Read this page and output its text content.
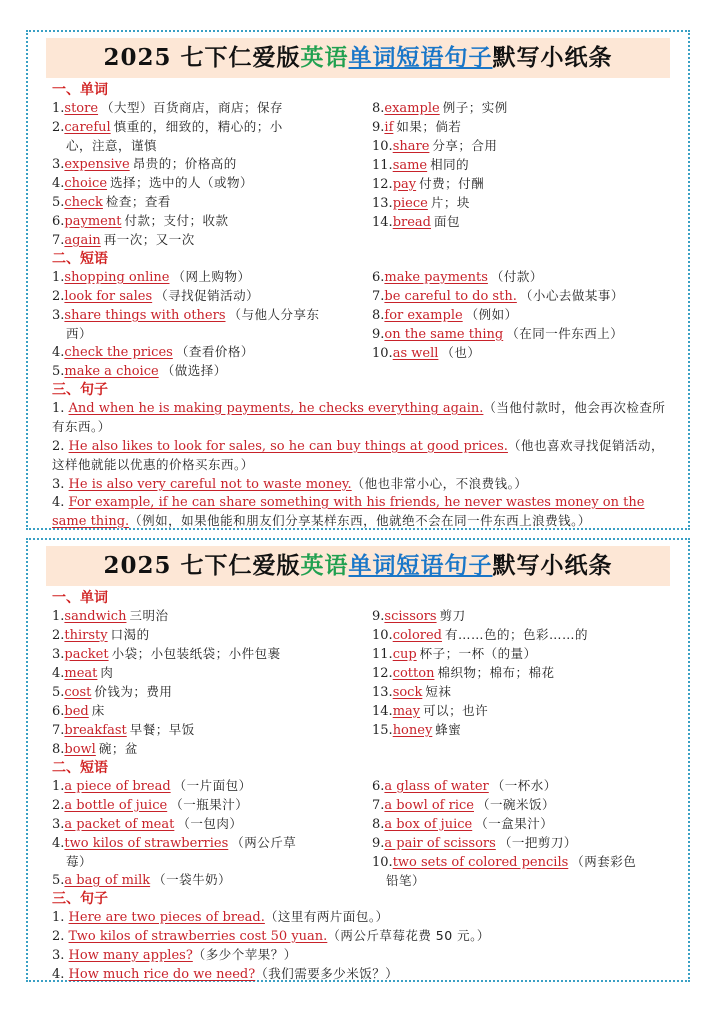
2025 七下仁爱版英语单词短语句子默写小纸条
一、单词
1.store （大型）百货商店，商店；保存
2.careful 慎重的，细致的，精心的；小
心，注意，谨慎
3.expensive 昂贵的；价格高的
4.choice 选择；选中的人（或物）
5.check 检查；查看
6.payment 付款；支付；收款
7.again 再一次；又一次
8.example 例子；实例
9.if 如果；倘若
10.share 分享；合用
11.same 相同的
12.pay 付费；付酬
13.piece 片；块
14.bread 面包
二、短语
1.shopping online （网上购物）
2.look for sales （寻找促销活动）
3.share things with others （与他人分享东
西）
4.check the prices （查看价格）
5.make a choice （做选择）
6.make payments （付款）
7.be careful to do sth. （小心去做某事）
8.for example （例如）
9.on the same thing （在同一件东西上）
10.as well （也）
三、句子
1. And when he is making payments, he checks everything again.（当他付款时，他会再次检查所有东西。）
2. He also likes to look for sales, so he can buy things at good prices.（他也喜欢寻找促销活动，这样他就能以优惠的价格买东西。）
3. He is also very careful not to waste money.（他也非常小心，不浪费钱。）
4. For example, if he can share something with his friends, he never wastes money on the same thing.（例如，如果他能和朋友们分享某样东西，他就绝不会在同一件东西上浪费钱。）
2025 七下仁爱版英语单词短语句子默写小纸条
一、单词
1.sandwich 三明治
2.thirsty 口渴的
3.packet 小袋；小包装纸袋；小件包裹
4.meat 肉
5.cost 价钱为；费用
6.bed 床
7.breakfast 早餐；早饭
8.bowl 碗；盆
9.scissors 剪刀
10.colored 有……色的；色彩……的
11.cup 杯子；一杯（的量）
12.cotton 棉织物；棉布；棉花
13.sock 短袜
14.may 可以；也许
15.honey 蜂蜜
二、短语
1.a piece of bread （一片面包）
2.a bottle of juice （一瓶果汁）
3.a packet of meat （一包肉）
4.two kilos of strawberries （两公斤草
莓）
5.a bag of milk （一袋牛奶）
6.a glass of water （一杯水）
7.a bowl of rice （一碗米饭）
8.a box of juice （一盒果汁）
9.a pair of scissors （一把剪刀）
10.two sets of colored pencils （两套彩色
铅笔）
三、句子
1. Here are two pieces of bread.（这里有两片面包。）
2. Two kilos of strawberries cost 50 yuan.（两公斤草莓花费 50 元。）
3. How many apples?（多少个苹果？）
4. How much rice do we need?（我们需要多少米饭？）
